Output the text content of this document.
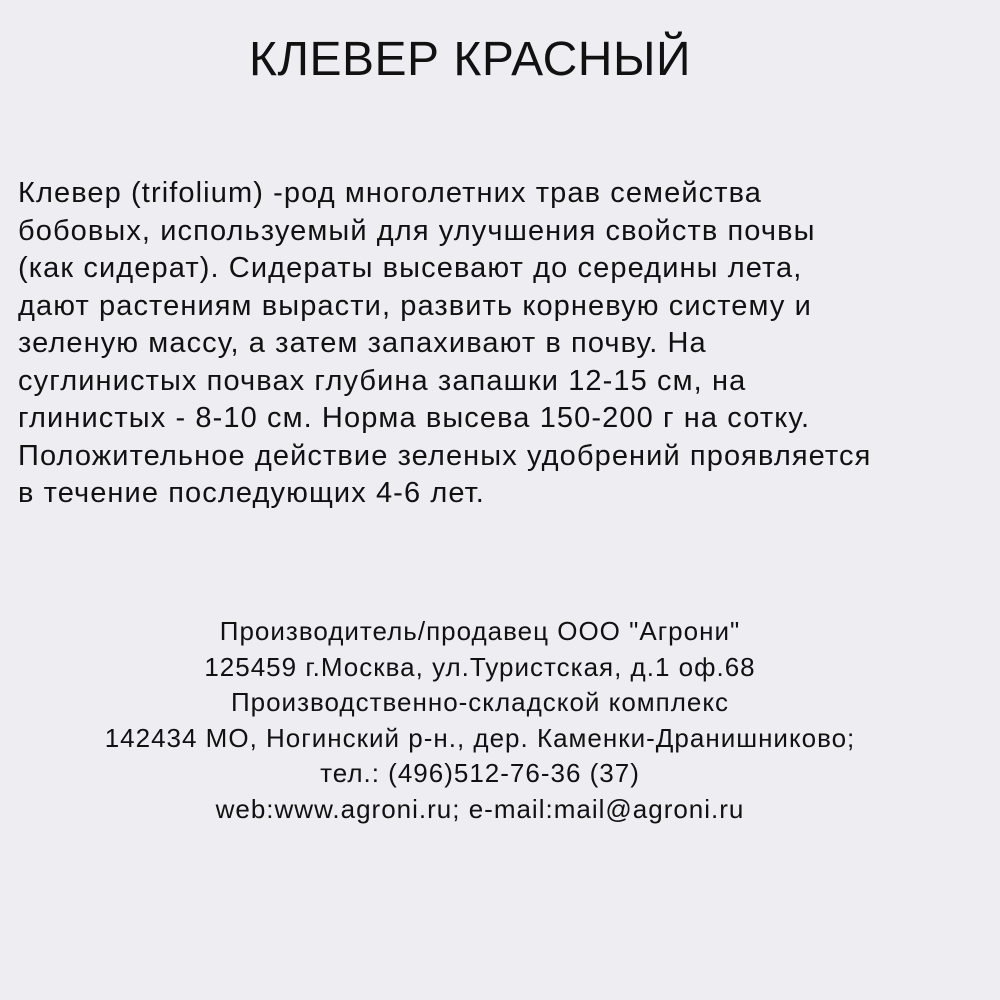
КЛЕВЕР КРАСНЫЙ
Клевер (trifolium) -род многолетних трав семейства
бобовых, используемый для улучшения свойств почвы
(как сидерат). Сидераты высевают до середины лета,
дают растениям вырасти, развить корневую систему и
зеленую массу, а затем запахивают в почву. На
суглинистых почвах глубина запашки 12-15 см, на
глинистых - 8-10 см. Норма высева 150-200 г на сотку.
Положительное действие зеленых удобрений проявляется
в течение последующих 4-6 лет.
Производитель/продавец ООО "Агрони"
125459 г.Москва, ул.Туристская, д.1 оф.68
Производственно-складской комплекс
142434 МО, Ногинский р-н., дер. Каменки-Дранишниково;
тел.: (496)512-76-36 (37)
web:www.agroni.ru; e-mail:mail@agroni.ru
